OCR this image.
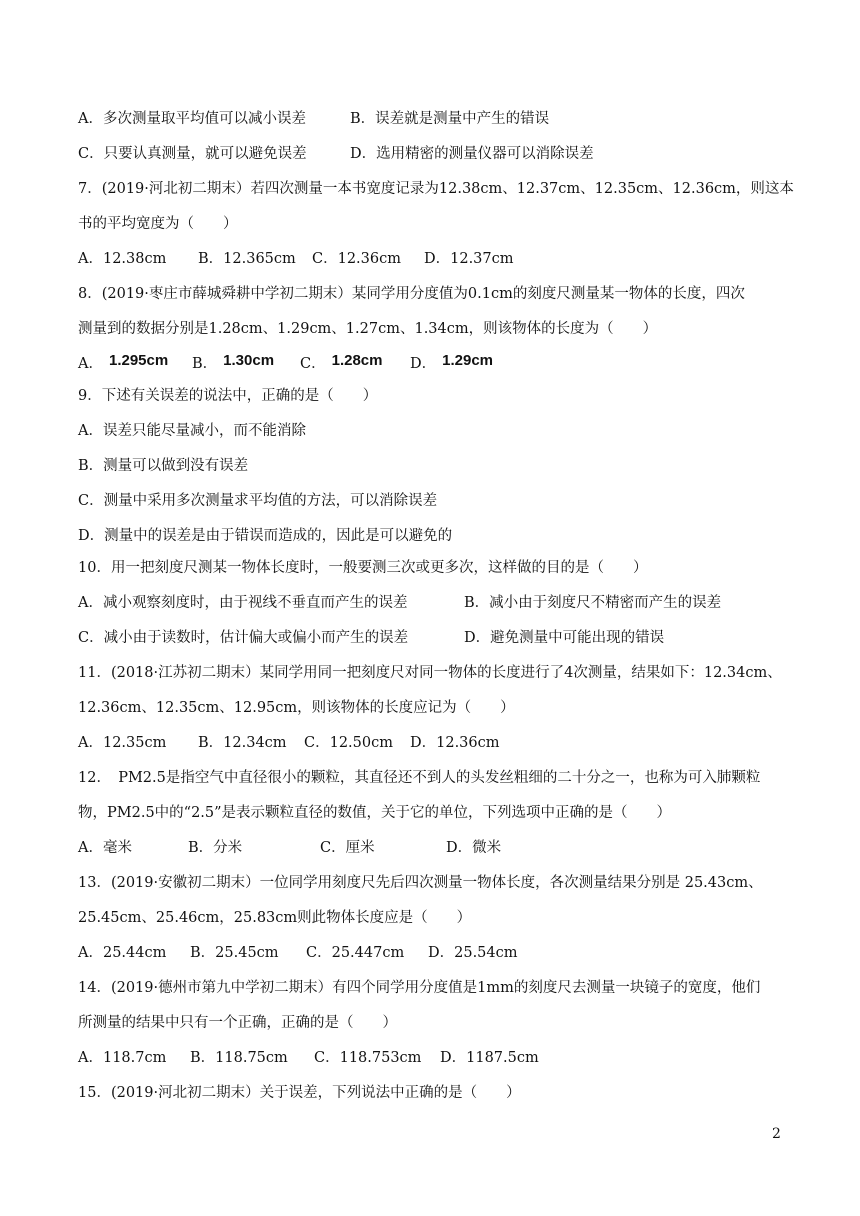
A．多次测量取平均值可以减小误差	B．误差就是测量中产生的错误
C．只要认真测量，就可以避免误差	D．选用精密的测量仪器可以消除误差
7．(2019·河北初二期末）若四次测量一本书宽度记录为12.38cm、12.37cm、12.35cm、12.36cm，则这本
书的平均宽度为（　　）
A．12.38cm B．12.365cm C．12.36cm D．12.37cm
8．(2019·枣庄市薛城舜耕中学初二期末）某同学用分度值为0.1cm的刻度尺测量某一物体的长度，四次
测量到的数据分别是1.28cm、1.29cm、1.27cm、1.34cm，则该物体的长度为（　　）
A． 1.295cm B． 1.30cm C． 1.28cm D． 1.29cm
9．下述有关误差的说法中，正确的是（　　）
A．误差只能尽量减小，而不能消除
B．测量可以做到没有误差
C．测量中采用多次测量求平均值的方法，可以消除误差
D．测量中的误差是由于错误而造成的，因此是可以避免的
10．用一把刻度尺测某一物体长度时，一般要测三次或更多次，这样做的目的是（　　）
A．减小观察刻度时，由于视线不垂直而产生的误差	B．减小由于刻度尺不精密而产生的误差
C．减小由于读数时，估计偏大或偏小而产生的误差	D．避免测量中可能出现的错误
11．(2018·江苏初二期末）某同学用同一把刻度尺对同一物体的长度进行了4次测量，结果如下：12.34cm、
12.36cm、12.35cm、12.95cm，则该物体的长度应记为（　　）
A．12.35cm B．12.34cm C．12.50cm D．12.36cm
12．　PM2.5是指空气中直径很小的颗粒，其直径还不到人的头发丝粗细的二十分之一，也称为可入肺颗粒
物，PM2.5中的“2.5”是表示颗粒直径的数值，关于它的单位，下列选项中正确的是（　　）
A．毫米	B．分米	C．厘米	D．微米
13．(2019·安徽初二期末）一位同学用刻度尺先后四次测量一物体长度，各次测量结果分别是 25.43cm、
25.45cm、25.46cm，25.83cm则此物体长度应是（　　）
A．25.44cm B．25.45cm C．25.447cm D．25.54cm
14．(2019·德州市第九中学初二期末）有四个同学用分度值是1mm的刻度尺去测量一块镜子的宽度，他们
所测量的结果中只有一个正确，正确的是（　　）
A．118.7cm B．118.75cm C．118.753cm D．1187.5cm
15．(2019·河北初二期末）关于误差，下列说法中正确的是（　　）
2
